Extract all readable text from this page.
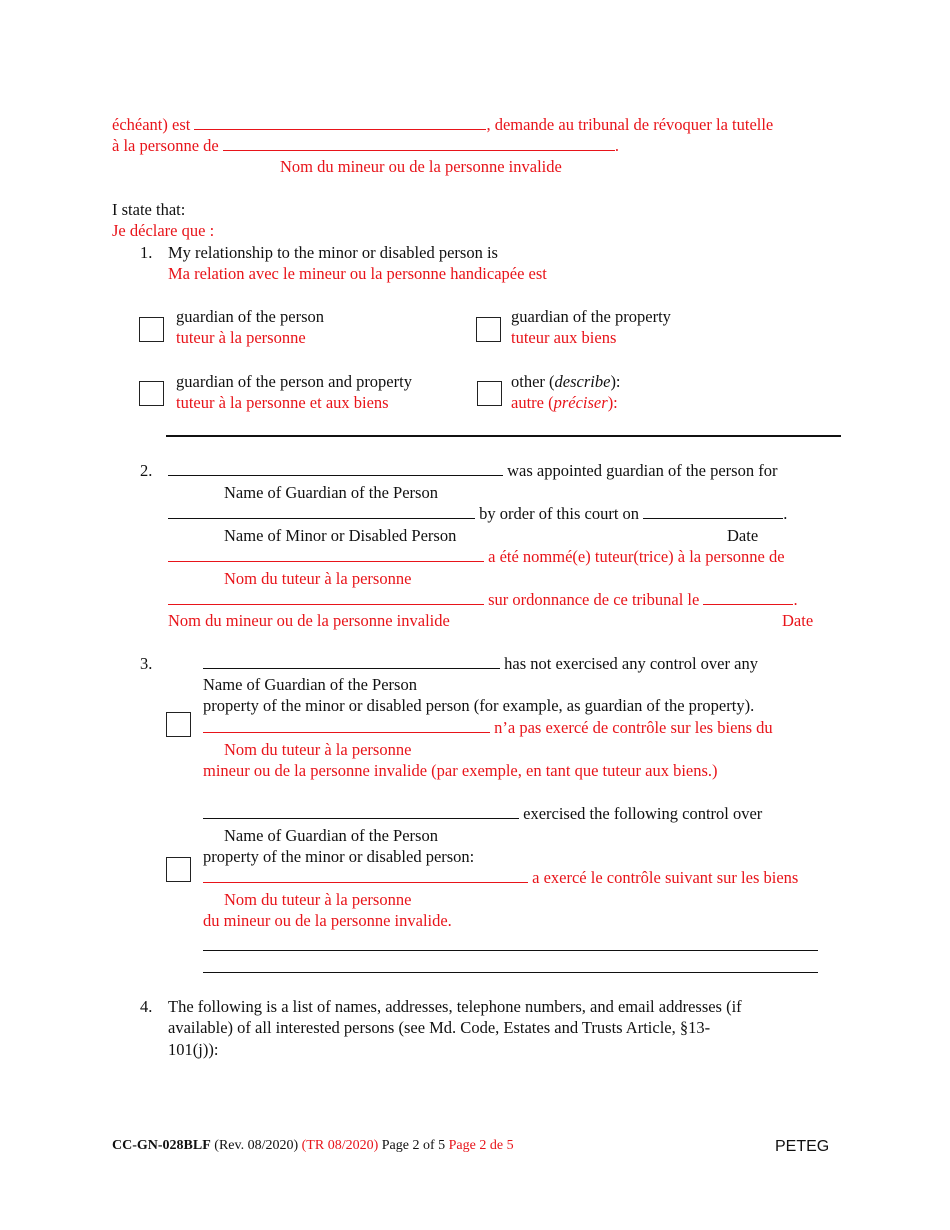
échéant) est	, demande au tribunal de révoquer la tutelle
à la personne de	.
Nom du mineur ou de la personne invalide
I state that:
Je déclare que :
1. My relationship to the minor or disabled person is
Ma relation avec le mineur ou la personne handicapée est
guardian of the person
tuteur à la personne
guardian of the property
tuteur aux biens
guardian of the person and property
tuteur à la personne et aux biens
other (describe):
autre (préciser):
2.	was appointed guardian of the person for
Name of Guardian of the Person
by order of this court on	.
Name of Minor or Disabled Person	Date
a été nommé(e) tuteur(trice) à la personne de
Nom du tuteur à la personne
sur ordonnance de ce tribunal le	.
Nom du mineur ou de la personne invalide	Date
3.	has not exercised any control over any
Name of Guardian of the Person
property of the minor or disabled person (for example, as guardian of the property).
n’a pas exercé de contrôle sur les biens du
Nom du tuteur à la personne
mineur ou de la personne invalide (par exemple, en tant que tuteur aux biens.)
exercised the following control over
Name of Guardian of the Person
property of the minor or disabled person:
a exercé le contrôle suivant sur les biens
Nom du tuteur à la personne
du mineur ou de la personne invalide.
4. The following is a list of names, addresses, telephone numbers, and email addresses (if
available) of all interested persons (see Md. Code, Estates and Trusts Article, §13-
101(j)):
CC-GN-028BLF (Rev. 08/2020) (TR 08/2020) Page 2 of 5 Page 2 de 5	PETEG
